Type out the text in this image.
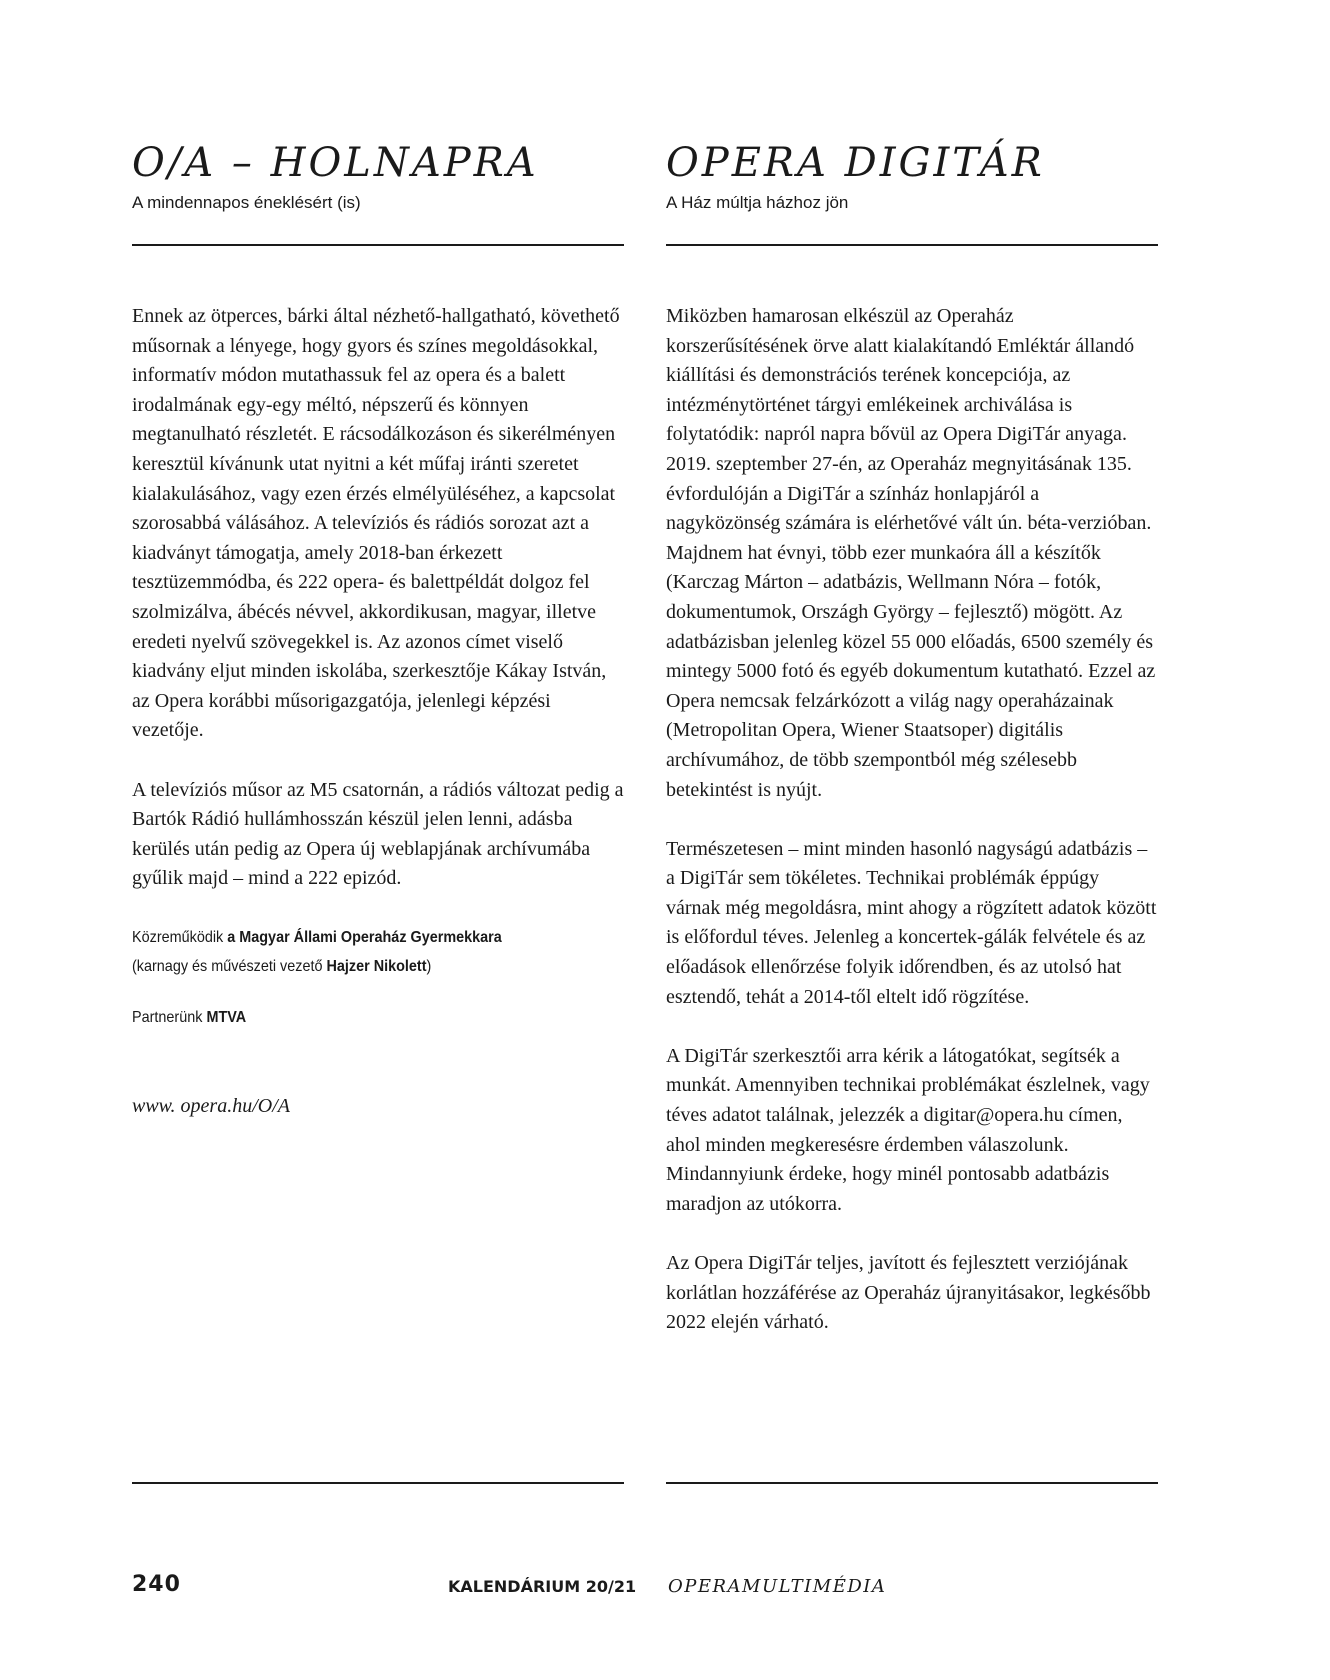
O/A – HOLNAPRA

A mindennapos éneklésért (is)

Ennek az ötperces, bárki által nézhető-hallgatható, követhető műsornak a lényege, hogy gyors és színes megoldásokkal, informatív módon mutathassuk fel az opera és a balett irodalmának egy-egy méltó, népszerű és könnyen megtanulható részletét. E rácsodálkozáson és sikerélményen keresztül kívánunk utat nyitni a két műfaj iránti szeretet kialakulásához, vagy ezen érzés elmélyüléséhez, a kapcsolat szorosabbá válásához. A televíziós és rádiós sorozat azt a kiadványt támogatja, amely 2018-ban érkezett tesztüzemmódba, és 222 opera- és balettpéldát dolgoz fel szolmizálva, ábécés névvel, akkordikusan, magyar, illetve eredeti nyelvű szövegekkel is. Az azonos címet viselő kiadvány eljut minden iskolába, szerkesztője Kákay István, az Opera korábbi műsorigazgatója, jelenlegi képzési vezetője.

A televíziós műsor az M5 csatornán, a rádiós változat pedig a Bartók Rádió hullámhosszán készül jelen lenni, adásba kerülés után pedig az Opera új weblapjának archívumába gyűlik majd – mind a 222 epizód.

Közreműködik a Magyar Állami Operaház Gyermekkara
(karnagy és művészeti vezető Hajzer Nikolett)
Partnerünk MTVA
www. opera.hu/O/A
OPERA DIGITÁR

A Ház múltja házhoz jön

Miközben hamarosan elkészül az Operaház korszerűsítésének örve alatt kialakítandó Emléktár állandó kiállítási és demonstrációs terének koncepciója, az intézménytörténet tárgyi emlékeinek archiválása is folytatódik: napról napra bővül az Opera DigiTár anyaga. 2019. szeptember 27-én, az Operaház megnyitásának 135. évfordulóján a DigiTár a színház honlapjáról a nagyközönség számára is elérhetővé vált ún. béta-verzióban. Majdnem hat évnyi, több ezer munkaóra áll a készítők (Karczag Márton – adatbázis, Wellmann Nóra – fotók, dokumentumok, Országh György – fejlesztő) mögött. Az adatbázisban jelenleg közel 55 000 előadás, 6500 személy és mintegy 5000 fotó és egyéb dokumentum kutatható. Ezzel az Opera nemcsak felzárkózott a világ nagy operaházainak (Metropolitan Opera, Wiener Staatsoper) digitális archívumához, de több szempontból még szélesebb betekintést is nyújt.

Természetesen – mint minden hasonló nagyságú adatbázis – a DigiTár sem tökéletes. Technikai problémák éppúgy várnak még megoldásra, mint ahogy a rögzített adatok között is előfordul téves. Jelenleg a koncertek-gálák felvétele és az előadások ellenőrzése folyik időrendben, és az utolsó hat esztendő, tehát a 2014-től eltelt idő rögzítése.

A DigiTár szerkesztői arra kérik a látogatókat, segítsék a munkát. Amennyiben technikai problémákat észlelnek, vagy téves adatot találnak, jelezzék a digitar@opera.hu címen, ahol minden megkeresésre érdemben válaszolunk. Mindannyiunk érdeke, hogy minél pontosabb adatbázis maradjon az utókorra.

Az Opera DigiTár teljes, javított és fejlesztett verziójának korlátlan hozzáférése az Operaház újranyitásakor, legkésőbb 2022 elején várható.

240	KALENDÁRIUM 20/21 OPERAMULTIMÉDIA
